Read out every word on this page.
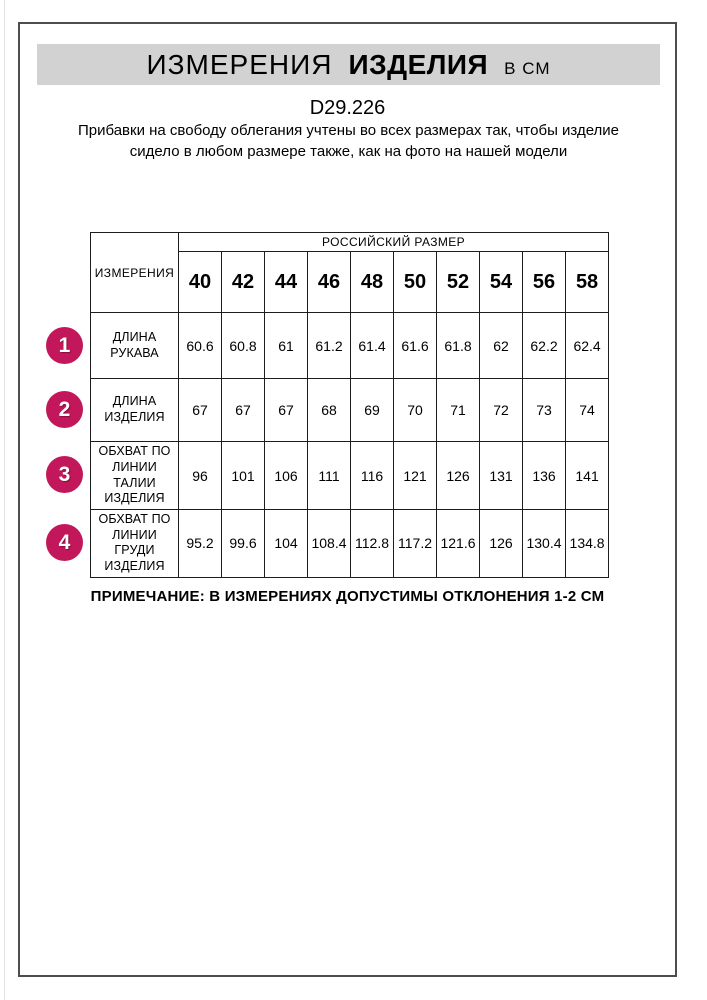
ИЗМЕРЕНИЯ ИЗДЕЛИЯ В СМ
D29.226
Прибавки на свободу облегания учтены во всех размерах так, чтобы изделие сидело в любом размере также, как на фото на нашей модели
ИЗМЕРЕНИЯ	РОССИЙСКИЙ РАЗМЕР									
	40	42	44	46	48	50	52	54	56	58
ДЛИНА РУКАВА	60.6	60.8	61	61.2	61.4	61.6	61.8	62	62.2	62.4
ДЛИНА ИЗДЕЛИЯ	67	67	67	68	69	70	71	72	73	74
ОБХВАТ ПО ЛИНИИ ТАЛИИ ИЗДЕЛИЯ	96	101	106	111	116	121	126	131	136	141
ОБХВАТ ПО ЛИНИИ ГРУДИ ИЗДЕЛИЯ	95.2	99.6	104	108.4	112.8	117.2	121.6	126	130.4	134.8
1
2
3
4
ПРИМЕЧАНИЕ: В ИЗМЕРЕНИЯХ ДОПУСТИМЫ ОТКЛОНЕНИЯ 1-2 СМ
